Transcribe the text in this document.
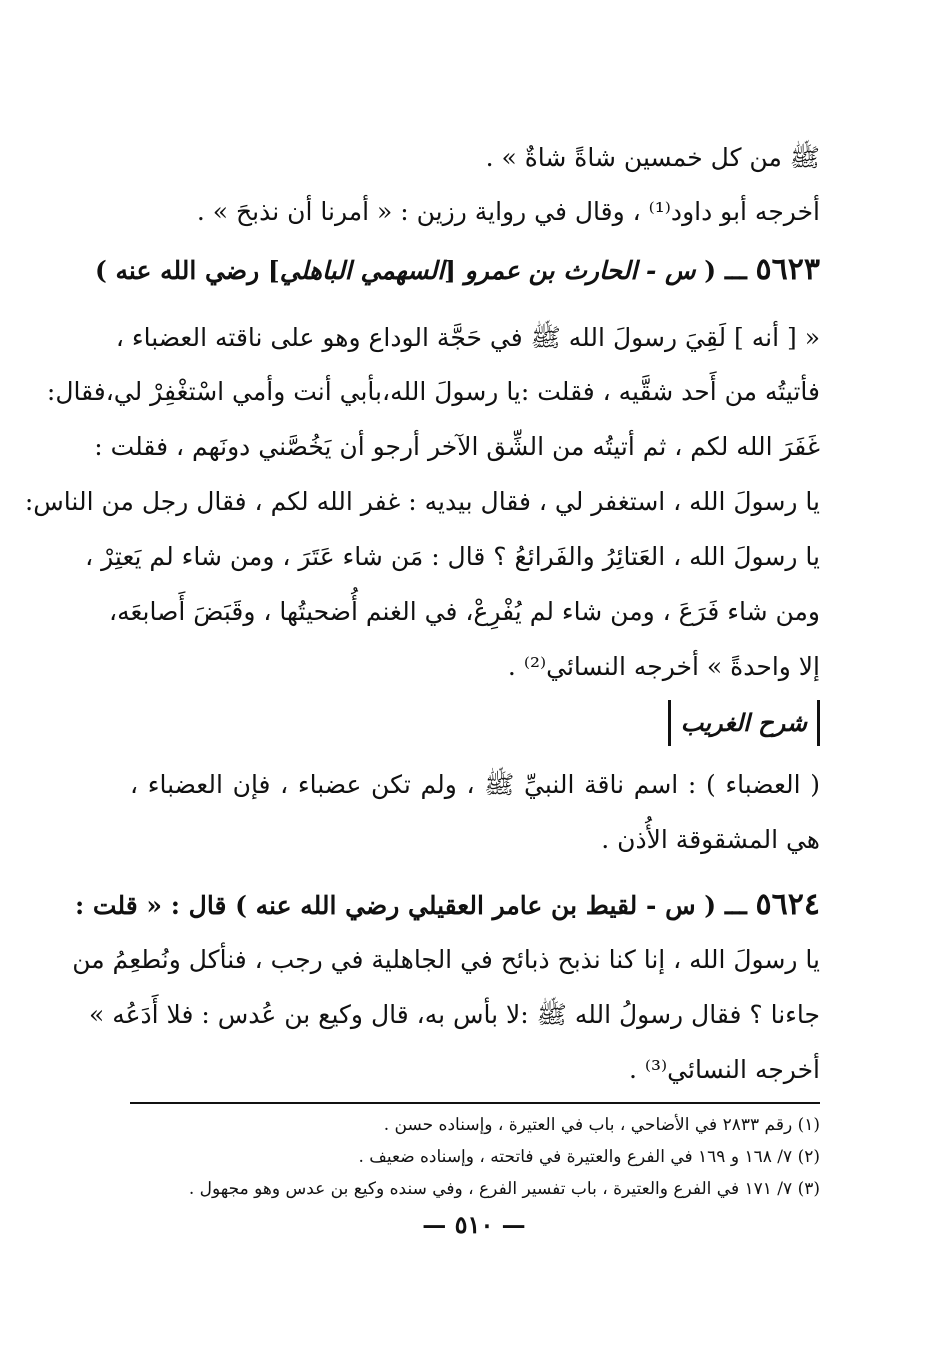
ﷺ من كل خمسين شاةً شاةٌ » .
أخرجه أبو داود⁽¹⁾ ، وقال في رواية رزين : « أمرنا أن نذبحَ » .
٥٦٢٣ ـــ ( س - الحارث بن عمرو [السهمي الباهلي] رضي الله عنه )
« [ أنه ] لَقِيَ رسولَ الله ﷺ في حَجَّة الوداع وهو على ناقته العضباء ،
فأتيتُه من أَحد شقَّيه ، فقلت :يا رسولَ الله،بأبي أنت وأمي اسْتغْفِرْ لي،فقال:
غَفَرَ الله لكم ، ثم أتيتُه من الشِّق الآخر أرجو أن يَخُصَّني دونَهم ، فقلت :
يا رسولَ الله ، استغفر لي ، فقال بيديه : غفر الله لكم ، فقال رجل من الناس:
يا رسولَ الله ، العَتائِرُ والفَرائعُ ؟ قال : مَن شاء عَتَرَ ، ومن شاء لم يَعتِرْ ،
ومن شاء فَرَعَ ، ومن شاء لم يُفْرِعْ، في الغنم أُضحيتُها ، وقَبَضَ أَصابعَه،
إلا واحدةً » أخرجه النسائي⁽²⁾ .
( العضباء ) : اسم ناقة النبيِّ ﷺ ، ولم تكن عضباء ، فإن العضباء ،
هي المشقوقة الأُذن .
٥٦٢٤ ـــ ( س - لقيط بن عامر العقيلي رضي الله عنه ) قال : « قلت :
يا رسولَ الله ، إنا كنا نذبح ذبائح في الجاهلية في رجب ، فنأكل ونُطعِمُ من
جاءنا ؟ فقال رسولُ الله ﷺ :لا بأس به، قال وكيع بن عُدس : فلا أَدَعُه »
أخرجه النسائي⁽³⁾ .
شرح الغريب
(١) رقم ٢٨٣٣ في الأضاحي ، باب في العتيرة ، وإسناده حسن .
(٢) ٧/ ١٦٨ و ١٦٩ في الفرع والعتيرة في فاتحته ، وإسناده ضعيف .
(٣) ٧/ ١٧١ في الفرع والعتيرة ، باب تفسير الفرع ، وفي سنده وكيع بن عدس وهو مجهول .
— ٥١٠ —
